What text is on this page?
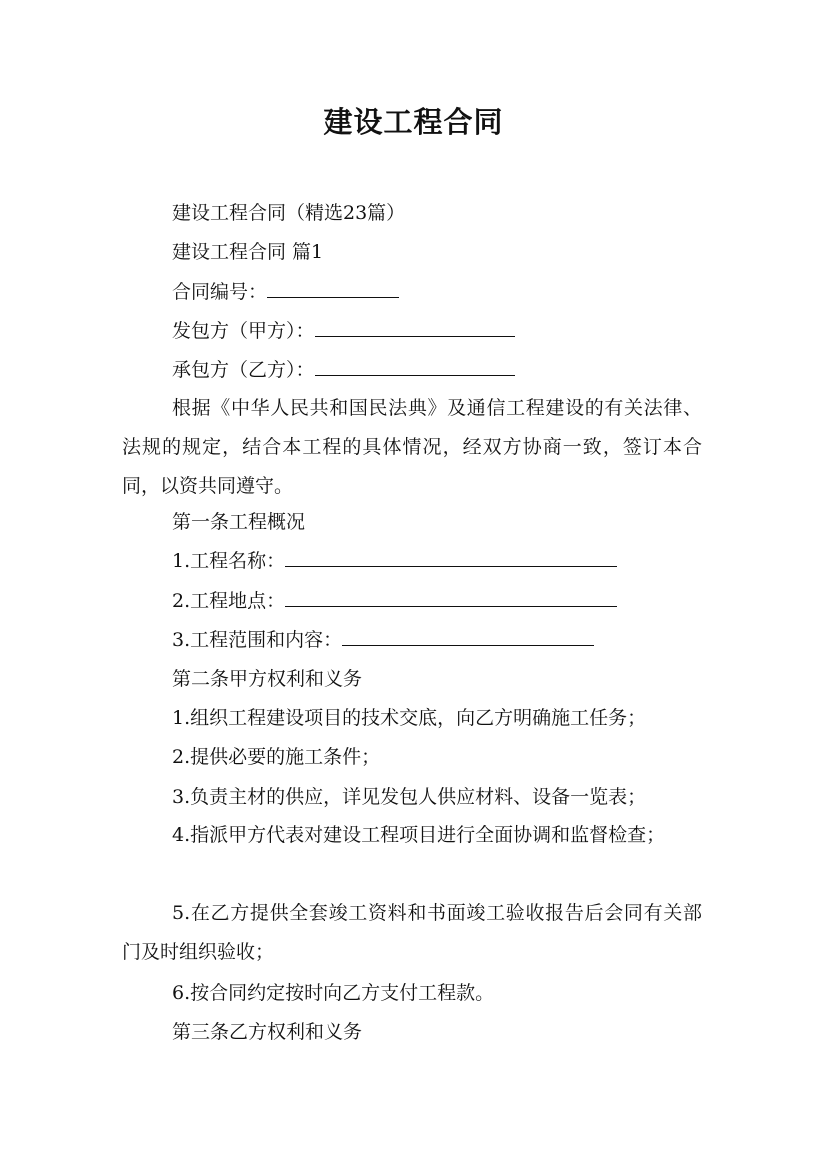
建设工程合同
建设工程合同（精选23篇）
建设工程合同 篇1
合同编号：
发包方（甲方）：
承包方（乙方）：
根据《中华人民共和国民法典》及通信工程建设的有关法律、法规的规定，结合本工程的具体情况，经双方协商一致，签订本合同，以资共同遵守。
第一条工程概况
1.工程名称：
2.工程地点：
3.工程范围和内容：
第二条甲方权利和义务
1.组织工程建设项目的技术交底，向乙方明确施工任务；
2.提供必要的施工条件；
3.负责主材的供应，详见发包人供应材料、设备一览表；
4.指派甲方代表对建设工程项目进行全面协调和监督检查；
5.在乙方提供全套竣工资料和书面竣工验收报告后会同有关部门及时组织验收；
6.按合同约定按时向乙方支付工程款。
第三条乙方权利和义务
